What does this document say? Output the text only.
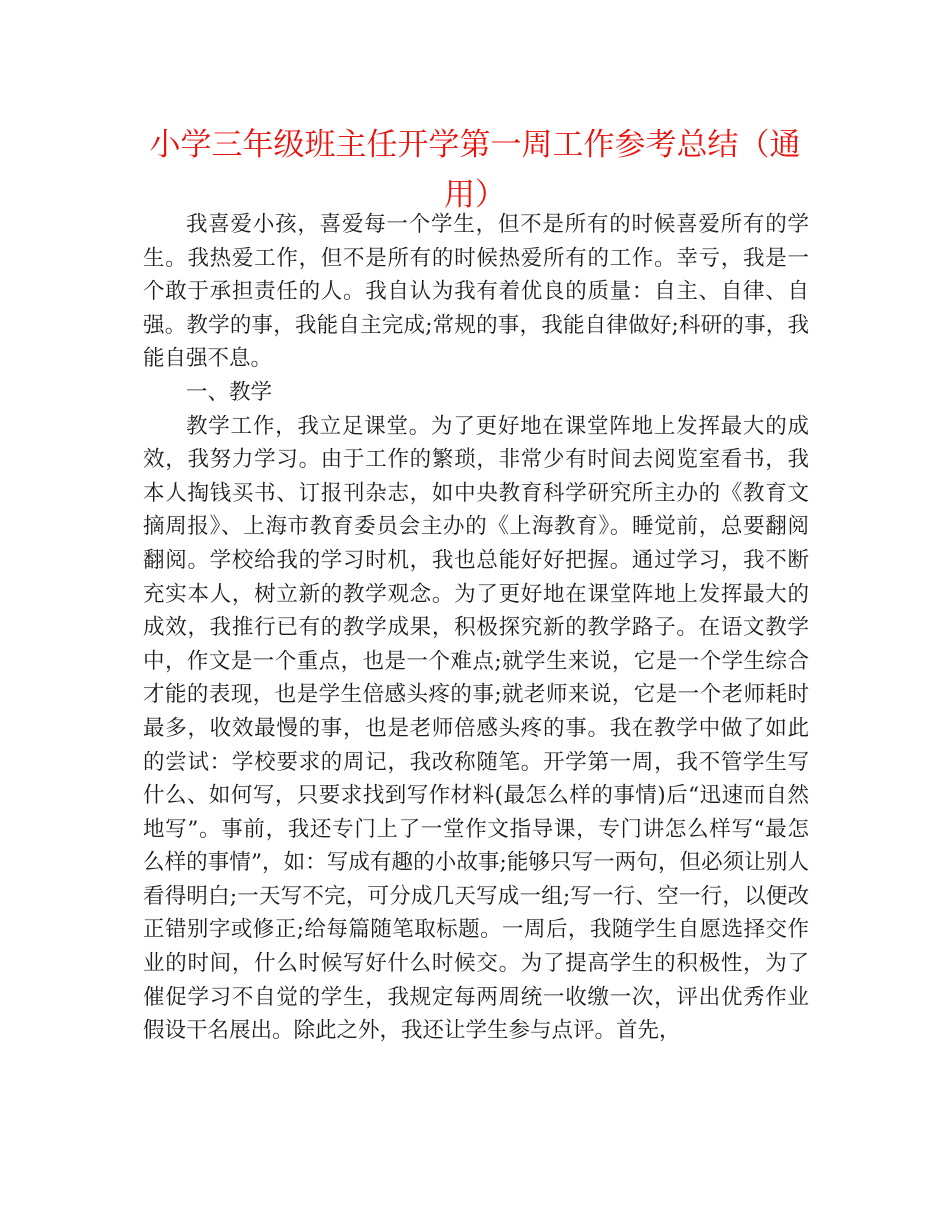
小学三年级班主任开学第一周工作参考总结（通用）

我喜爱小孩，喜爱每一个学生，但不是所有的时候喜爱所有的学生。我热爱工作，但不是所有的时候热爱所有的工作。幸亏，我是一个敢于承担责任的人。我自认为我有着优良的质量：自主、自律、自强。教学的事，我能自主完成;常规的事，我能自律做好;科研的事，我能自强不息。

一、教学

教学工作，我立足课堂。为了更好地在课堂阵地上发挥最大的成效，我努力学习。由于工作的繁琐，非常少有时间去阅览室看书，我本人掏钱买书、订报刊杂志，如中央教育科学研究所主办的《教育文摘周报》、上海市教育委员会主办的《上海教育》。睡觉前，总要翻阅翻阅。学校给我的学习时机，我也总能好好把握。通过学习，我不断充实本人，树立新的教学观念。为了更好地在课堂阵地上发挥最大的成效，我推行已有的教学成果，积极探究新的教学路子。在语文教学中，作文是一个重点，也是一个难点;就学生来说，它是一个学生综合才能的表现，也是学生倍感头疼的事;就老师来说，它是一个老师耗时最多，收效最慢的事，也是老师倍感头疼的事。我在教学中做了如此的尝试：学校要求的周记，我改称随笔。开学第一周，我不管学生写什么、如何写，只要求找到写作材料(最怎么样的事情)后“迅速而自然地写”。事前，我还专门上了一堂作文指导课，专门讲怎么样写“最怎么样的事情”，如：写成有趣的小故事;能够只写一两句，但必须让别人看得明白;一天写不完，可分成几天写成一组;写一行、空一行，以便改正错别字或修正;给每篇随笔取标题。一周后，我随学生自愿选择交作业的时间，什么时候写好什么时候交。为了提高学生的积极性，为了催促学习不自觉的学生，我规定每两周统一收缴一次，评出优秀作业假设干名展出。除此之外，我还让学生参与点评。首先，
